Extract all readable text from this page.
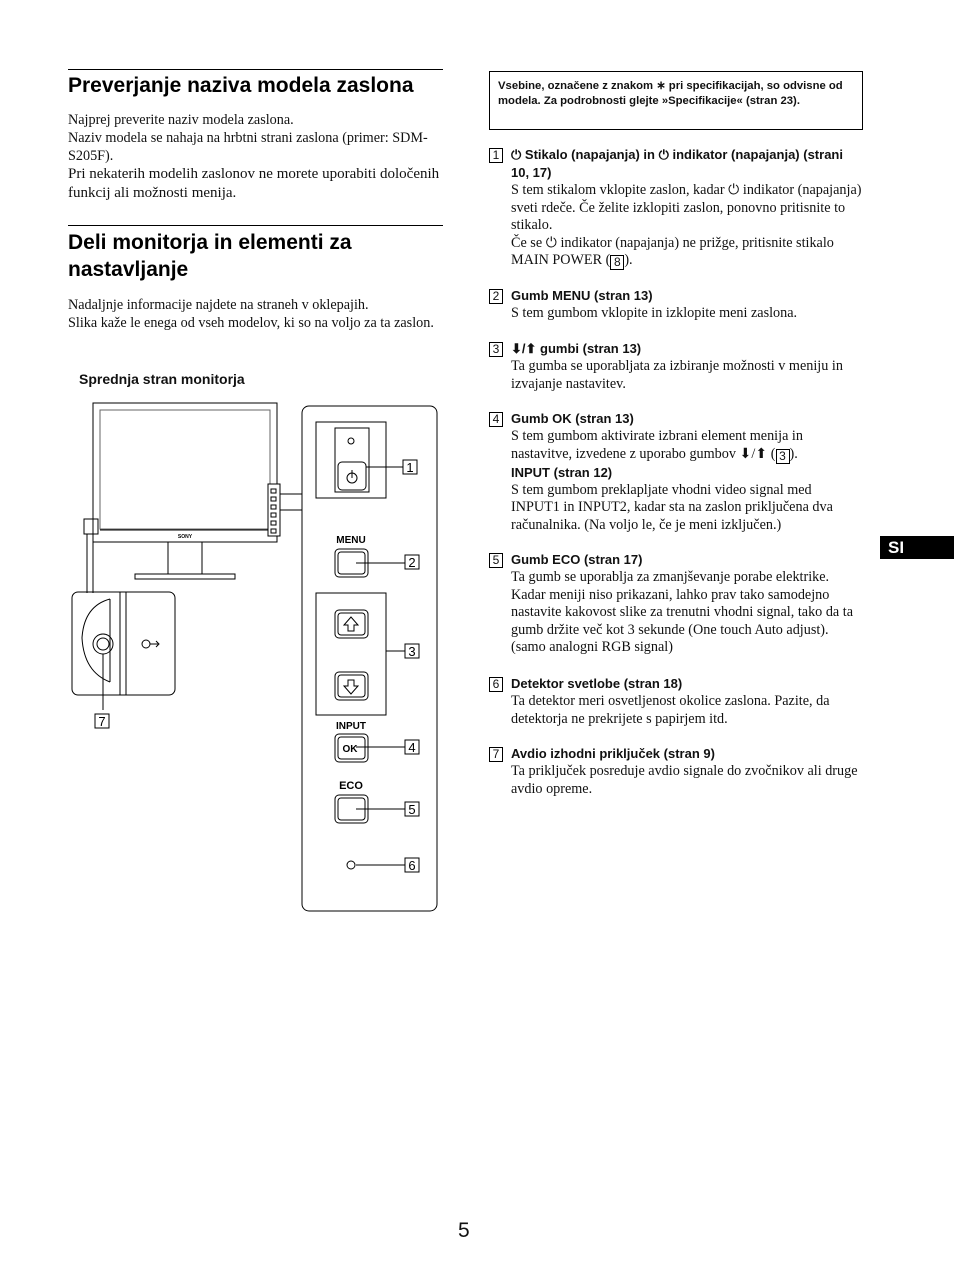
Preverjanje naziva modela zaslona

Najprej preverite naziv modela zaslona.

Naziv modela se nahaja na hrbtni strani zaslona (primer: SDM-S205F).

Pri nekaterih modelih zaslonov ne morete uporabiti določenih funkcij ali možnosti menija.

Deli monitorja in elementi za nastavljanje

Nadaljnje informacije najdete na straneh v oklepajih.

Slika kaže le enega od vseh modelov, ki so na voljo za ta zaslon.

Sprednja stran monitorja
SONY	MENU
INPUT
OK
ECO
1
2
3
4
5
6
7
Vsebine, označene z znakom ∗ pri specifikacijah, so odvisne od modela. Za podrobnosti glejte »Specifikacije« (stran 23).
1 ⏻ Stikalo (napajanja) in ⏻ indikator (napajanja) (strani 10, 17)

S tem stikalom vklopite zaslon, kadar ⏻ indikator (napajanja) sveti rdeče. Če želite izklopiti zaslon, ponovno pritisnite to stikalo.

Če se ⏻ indikator (napajanja) ne prižge, pritisnite stikalo MAIN POWER ( 8 ).

2 Gumb MENU (stran 13)
S tem gumbom vklopite in izklopite meni zaslona.
3 ⬇/⬆ gumbi (stran 13)
Ta gumba se uporabljata za izbiranje možnosti v meniju in izvajanje nastavitev.
4 Gumb OK (stran 13)
S tem gumbom aktivirate izbrani element menija in nastavitve, izvedene z uporabo gumbov ⬇/⬆ ( 3 ).
INPUT (stran 12)
S tem gumbom preklapljate vhodni video signal med INPUT1 in INPUT2, kadar sta na zaslon priključena dva računalnika. (Na voljo le, če je meni izključen.)
5 Gumb ECO (stran 17)
Ta gumb se uporablja za zmanjševanje porabe elektrike. Kadar meniji niso prikazani, lahko prav tako samodejno nastavite kakovost slike za trenutni vhodni signal, tako da ta gumb držite več kot 3 sekunde (One touch Auto adjust). (samo analogni RGB signal)
6 Detektor svetlobe (stran 18)
Ta detektor meri osvetljenost okolice zaslona. Pazite, da detektorja ne prekrijete s papirjem itd.
7 Avdio izhodni priključek (stran 9)
Ta priključek posreduje avdio signale do zvočnikov ali druge avdio opreme.
SI
5
